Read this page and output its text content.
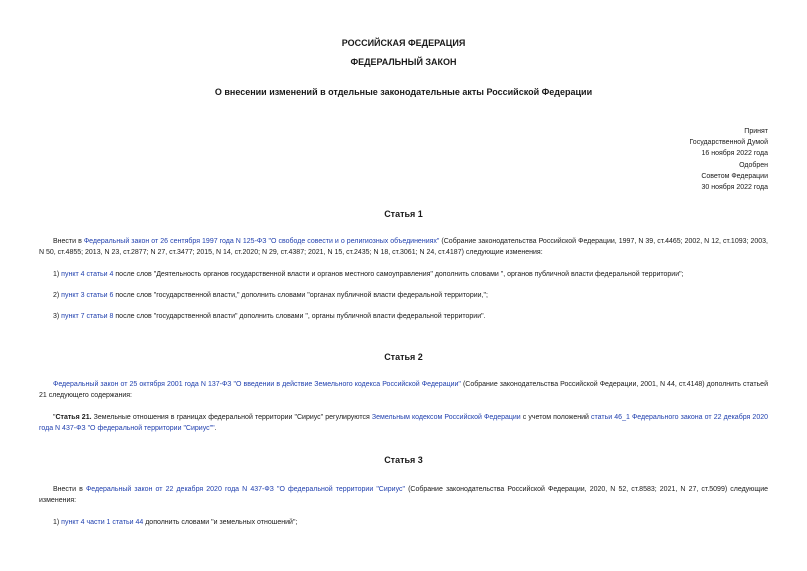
РОССИЙСКАЯ ФЕДЕРАЦИЯ
ФЕДЕРАЛЬНЫЙ ЗАКОН
О внесении изменений в отдельные законодательные акты Российской Федерации
Принят
Государственной Думой
16 ноября 2022 года
Одобрен
Советом Федерации
30 ноября 2022 года
Статья 1
Внести в Федеральный закон от 26 сентября 1997 года N 125-ФЗ "О свободе совести и о религиозных объединениях" (Собрание законодательства Российской Федерации, 1997, N 39, ст.4465; 2002, N 12, ст.1093; 2003, N 50, ст.4855; 2013, N 23, ст.2877; N 27, ст.3477; 2015, N 14, ст.2020; N 29, ст.4387; 2021, N 15, ст.2435; N 18, ст.3061; N 24, ст.4187) следующие изменения:
1) пункт 4 статьи 4 после слов "Деятельность органов государственной власти и органов местного самоуправления" дополнить словами ", органов публичной власти федеральной территории";
2) пункт 3 статьи 6 после слов "государственной власти," дополнить словами "органах публичной власти федеральной территории,";
3) пункт 7 статьи 8 после слов "государственной власти" дополнить словами ", органы публичной власти федеральной территории".
Статья 2
Федеральный закон от 25 октября 2001 года N 137-ФЗ "О введении в действие Земельного кодекса Российской Федерации" (Собрание законодательства Российской Федерации, 2001, N 44, ст.4148) дополнить статьей 21 следующего содержания:
"Статья 21. Земельные отношения в границах федеральной территории "Сириус" регулируются Земельным кодексом Российской Федерации с учетом положений статьи 46_1 Федерального закона от 22 декабря 2020 года N 437-ФЗ "О федеральной территории "Сириус"".
Статья 3
Внести в Федеральный закон от 22 декабря 2020 года N 437-ФЗ "О федеральной территории "Сириус" (Собрание законодательства Российской Федерации, 2020, N 52, ст.8583; 2021, N 27, ст.5099) следующие изменения:
1) пункт 4 части 1 статьи 44 дополнить словами "и земельных отношений";
